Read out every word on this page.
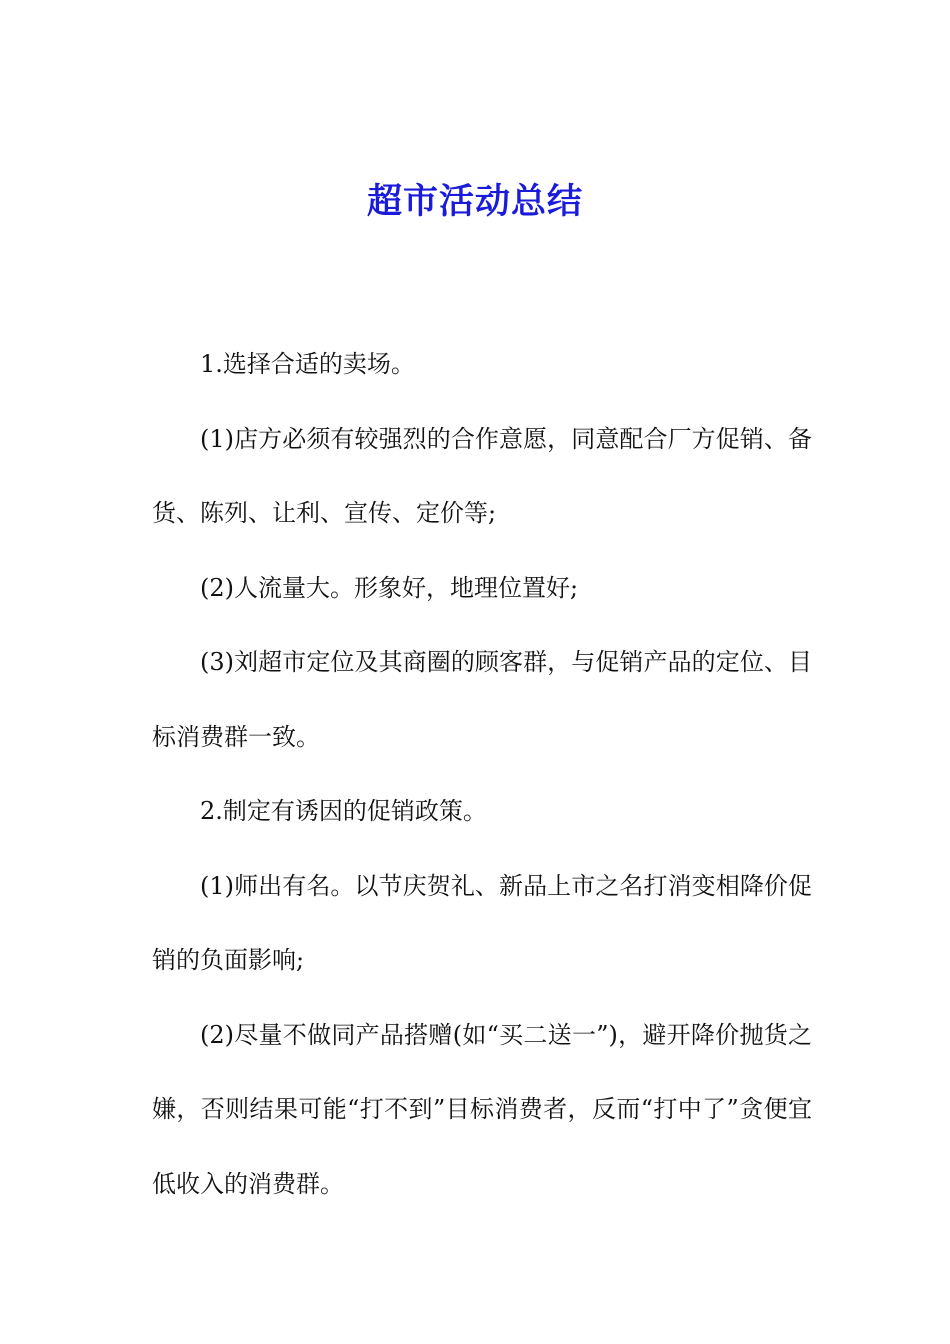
超市活动总结

1.选择合适的卖场。

(1)店方必须有较强烈的合作意愿，同意配合厂方促销、备货、陈列、让利、宣传、定价等;

(2)人流量大。形象好，地理位置好;

(3)刘超市定位及其商圈的顾客群，与促销产品的定位、目标消费群一致。

2.制定有诱因的促销政策。

(1)师出有名。以节庆贺礼、新品上市之名打消变相降价促销的负面影响;

(2)尽量不做同产品搭赠(如“买二送一”)，避开降价抛货之嫌，否则结果可能“打不到”目标消费者，反而“打中了”贪便宜低收入的消费群。
